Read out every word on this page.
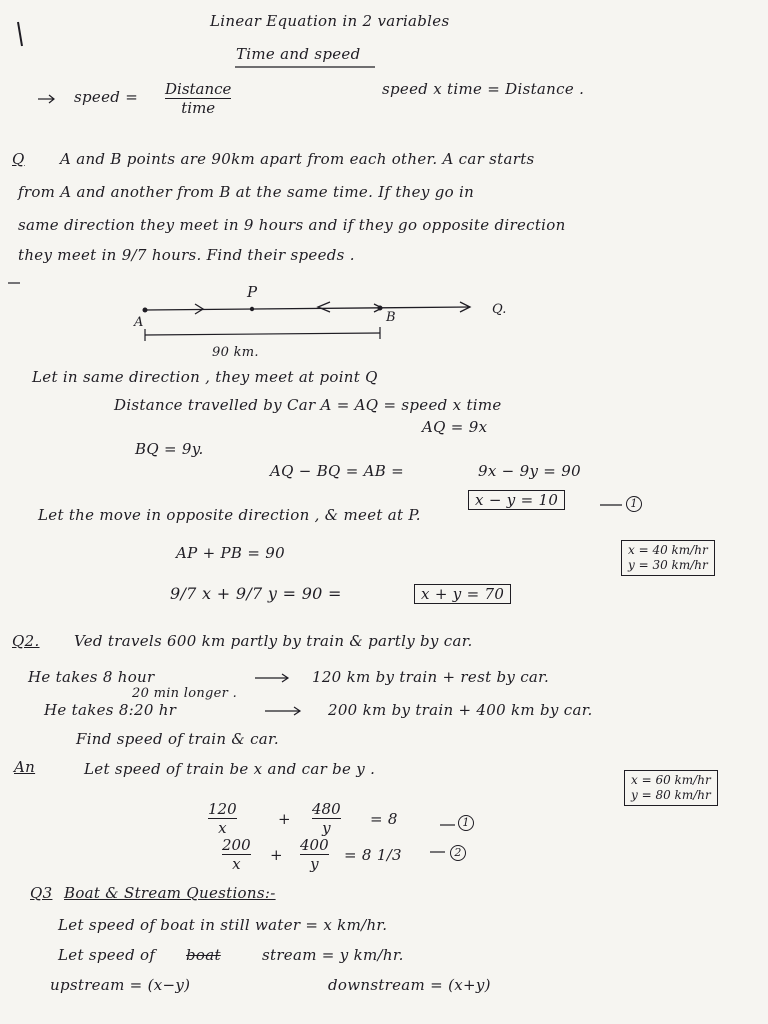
Linear Equation in 2 variables
Time and speed
speed = Distance
time
speed x time = Distance .
Q A and B points are 90km apart from each other. A car starts
from A and another from B at the same time. If they go in
same direction they meet in 9 hours and if they go opposite direction
they meet in 9/7 hours. Find their speeds .
P
A	B
Q.
90 km.
Let in same direction , they meet at point Q
Distance travelled by Car A = AQ = speed x time
AQ = 9x
BQ = 9y.
AQ − BQ = AB =	9x − 9y = 90
x − y = 10	1
Let the move in opposite direction , & meet at P.
AP + PB = 90
9/7 x + 9/7 y = 90 =	x + y = 70
x = 40 km/hr
y = 30 km/hr
Q2. Ved travels 600 km partly by train & partly by car.
He takes 8 hour	120 km by train + rest by car.
20 min longer .
He takes 8:20 hr	200 km by train + 400 km by car.
Find speed of train & car.
An	Let speed of train be x and car be y .
$\frac{120}{x}$	+ $\frac{480}{y} = 8$	1
$\frac{200}{x} + \frac{400}{y} = 8$ 1/3	2
x = 60 km/hr
y = 80 km/hr
Q3 Boat & Stream Questions:-
Let speed of boat in still water = x km/hr.
Let speed of boat	stream = y km/hr.
upstream = (x−y)	downstream = (x+y)
